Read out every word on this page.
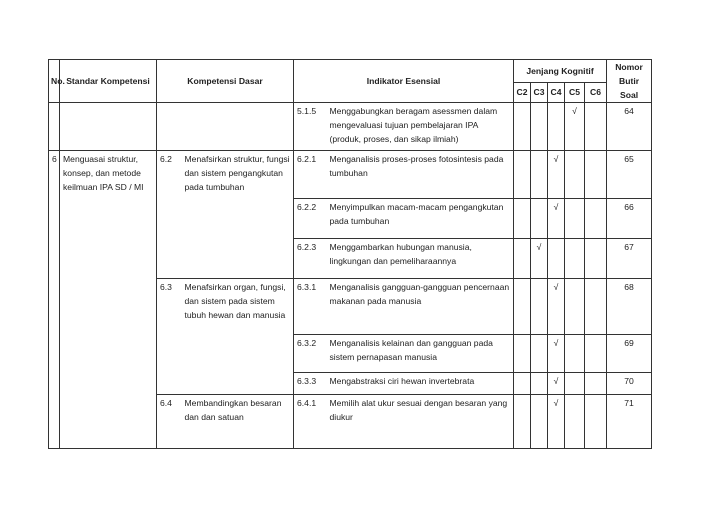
No.	Standar Kompetensi	Kompetensi Dasar		Indikator Esensial		Jenjang Kognitif					Nomor
Butir
Soal
						C2	C3	C4	C5	C6	
				5.1.5	Menggabungkan beragam asessmen dalam mengevaluasi tujuan pembelajaran IPA (produk, proses, dan sikap ilmiah)				√		64
6	Menguasai struktur, konsep, dan metode keilmuan IPA SD / MI	6.2	Menafsirkan struktur, fungsi dan sistem pengangkutan pada tumbuhan	6.2.1	Menganalisis proses-proses fotosintesis pada tumbuhan			√			65
				6.2.2	Menyimpulkan macam-macam pengangkutan pada tumbuhan			√			66
				6.2.3	Menggambarkan hubungan manusia, lingkungan dan pemeliharaannya		√				67
		6.3	Menafsirkan organ, fungsi, dan sistem pada sistem tubuh hewan dan manusia	6.3.1	Menganalisis gangguan-gangguan pencernaan makanan pada manusia			√			68
				6.3.2	Menganalisis kelainan dan gangguan pada sistem pernapasan manusia			√			69
				6.3.3	Mengabstraksi ciri hewan invertebrata			√			70
		6.4	Membandingkan besaran dan dan satuan	6.4.1	Memilih alat ukur sesuai dengan besaran yang diukur			√			71
